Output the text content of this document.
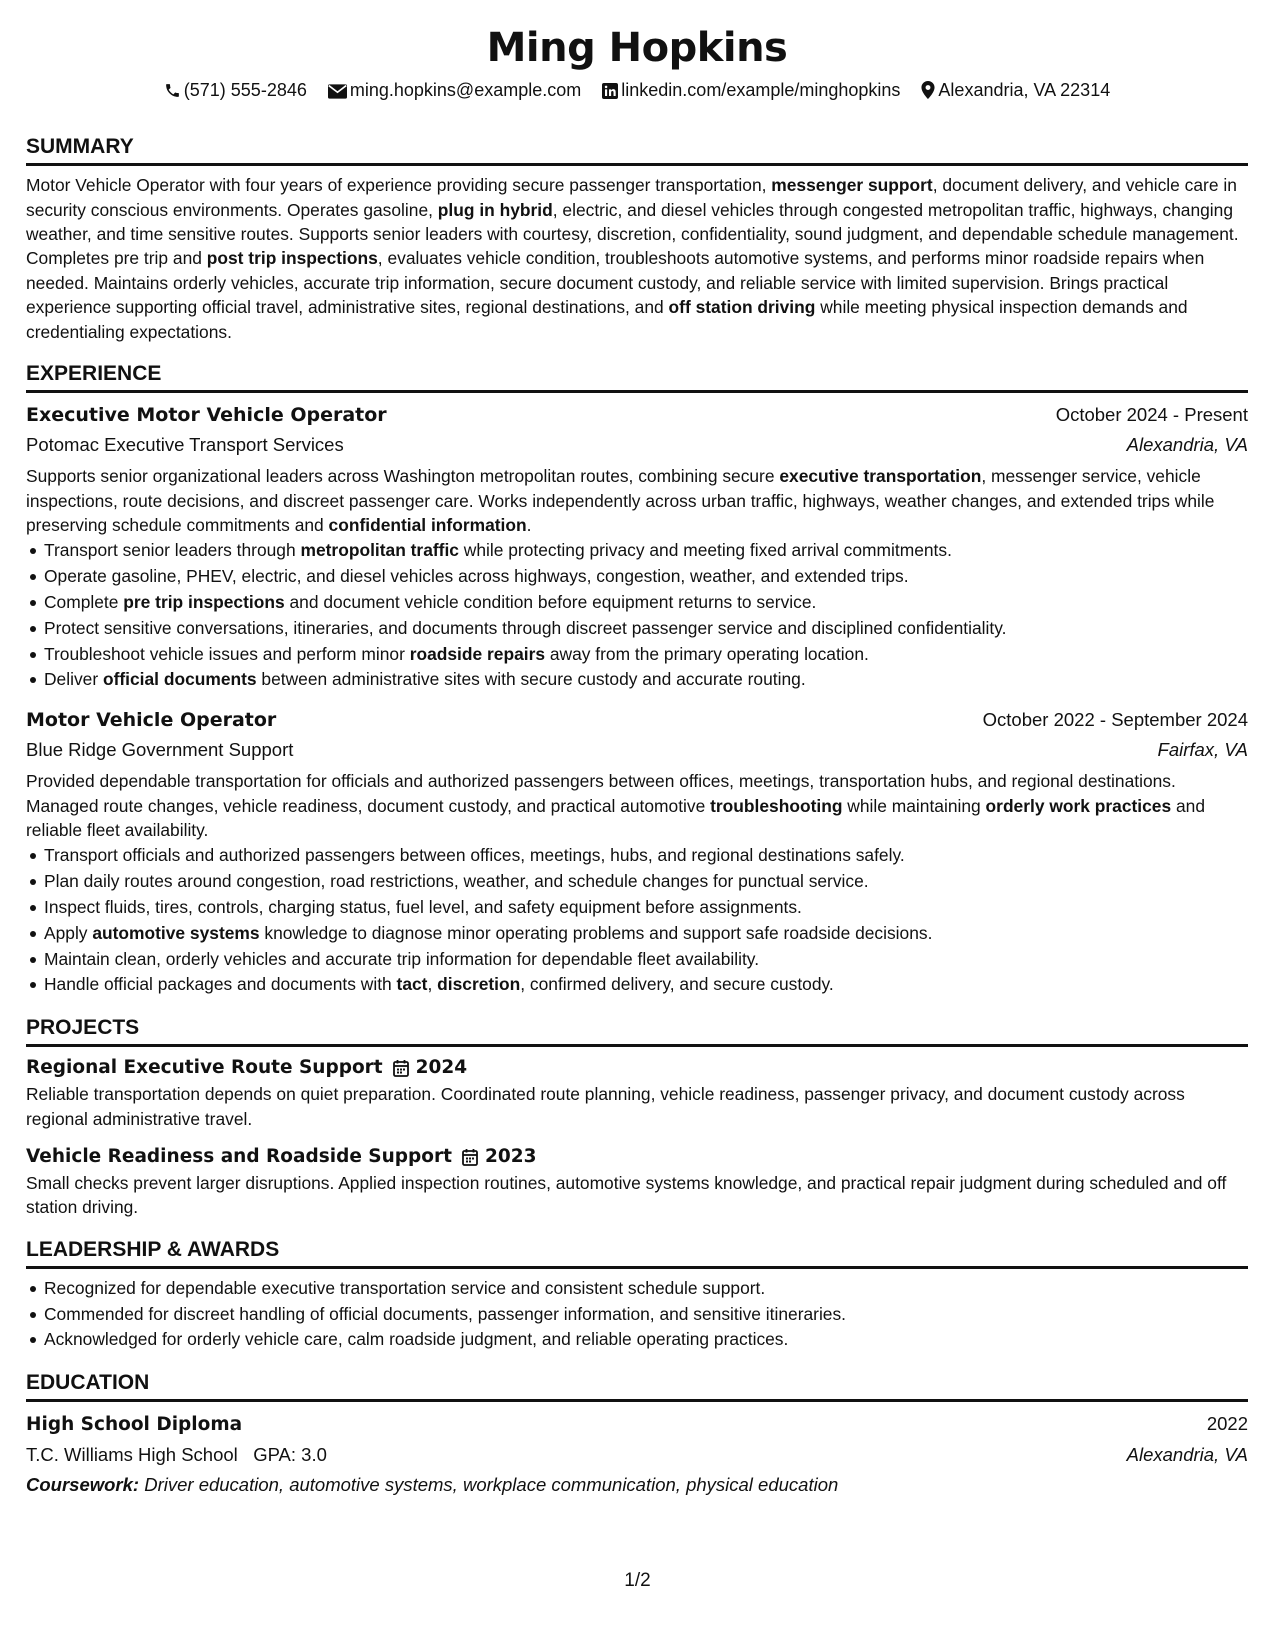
Ming Hopkins
(571) 555-2846 ming.hopkins@example.com linkedin.com/example/minghopkins Alexandria, VA 22314
SUMMARY
Motor Vehicle Operator with four years of experience providing secure passenger transportation, messenger support, document delivery, and vehicle care in security conscious environments. Operates gasoline, plug in hybrid, electric, and diesel vehicles through congested metropolitan traffic, highways, changing weather, and time sensitive routes. Supports senior leaders with courtesy, discretion, confidentiality, sound judgment, and dependable schedule management. Completes pre trip and post trip inspections, evaluates vehicle condition, troubleshoots automotive systems, and performs minor roadside repairs when needed. Maintains orderly vehicles, accurate trip information, secure document custody, and reliable service with limited supervision. Brings practical experience supporting official travel, administrative sites, regional destinations, and off station driving while meeting physical inspection demands and credentialing expectations.
EXPERIENCE
Executive Motor Vehicle Operator	October 2024 - Present
Potomac Executive Transport Services	Alexandria, VA
Supports senior organizational leaders across Washington metropolitan routes, combining secure executive transportation, messenger service, vehicle inspections, route decisions, and discreet passenger care. Works independently across urban traffic, highways, weather changes, and extended trips while preserving schedule commitments and confidential information.
Transport senior leaders through metropolitan traffic while protecting privacy and meeting fixed arrival commitments.
Operate gasoline, PHEV, electric, and diesel vehicles across highways, congestion, weather, and extended trips.
Complete pre trip inspections and document vehicle condition before equipment returns to service.
Protect sensitive conversations, itineraries, and documents through discreet passenger service and disciplined confidentiality.
Troubleshoot vehicle issues and perform minor roadside repairs away from the primary operating location.
Deliver official documents between administrative sites with secure custody and accurate routing.
Motor Vehicle Operator	October 2022 - September 2024
Blue Ridge Government Support	Fairfax, VA
Provided dependable transportation for officials and authorized passengers between offices, meetings, transportation hubs, and regional destinations. Managed route changes, vehicle readiness, document custody, and practical automotive troubleshooting while maintaining orderly work practices and reliable fleet availability.
Transport officials and authorized passengers between offices, meetings, hubs, and regional destinations safely.
Plan daily routes around congestion, road restrictions, weather, and schedule changes for punctual service.
Inspect fluids, tires, controls, charging status, fuel level, and safety equipment before assignments.
Apply automotive systems knowledge to diagnose minor operating problems and support safe roadside decisions.
Maintain clean, orderly vehicles and accurate trip information for dependable fleet availability.
Handle official packages and documents with tact, discretion, confirmed delivery, and secure custody.
PROJECTS
Regional Executive Route Support 2024
Reliable transportation depends on quiet preparation. Coordinated route planning, vehicle readiness, passenger privacy, and document custody across regional administrative travel.
Vehicle Readiness and Roadside Support 2023
Small checks prevent larger disruptions. Applied inspection routines, automotive systems knowledge, and practical repair judgment during scheduled and off station driving.
LEADERSHIP & AWARDS
Recognized for dependable executive transportation service and consistent schedule support.
Commended for discreet handling of official documents, passenger information, and sensitive itineraries.
Acknowledged for orderly vehicle care, calm roadside judgment, and reliable operating practices.
EDUCATION
High School Diploma	2022
T.C. Williams High School GPA: 3.0	Alexandria, VA
Coursework: Driver education, automotive systems, workplace communication, physical education
1/2
